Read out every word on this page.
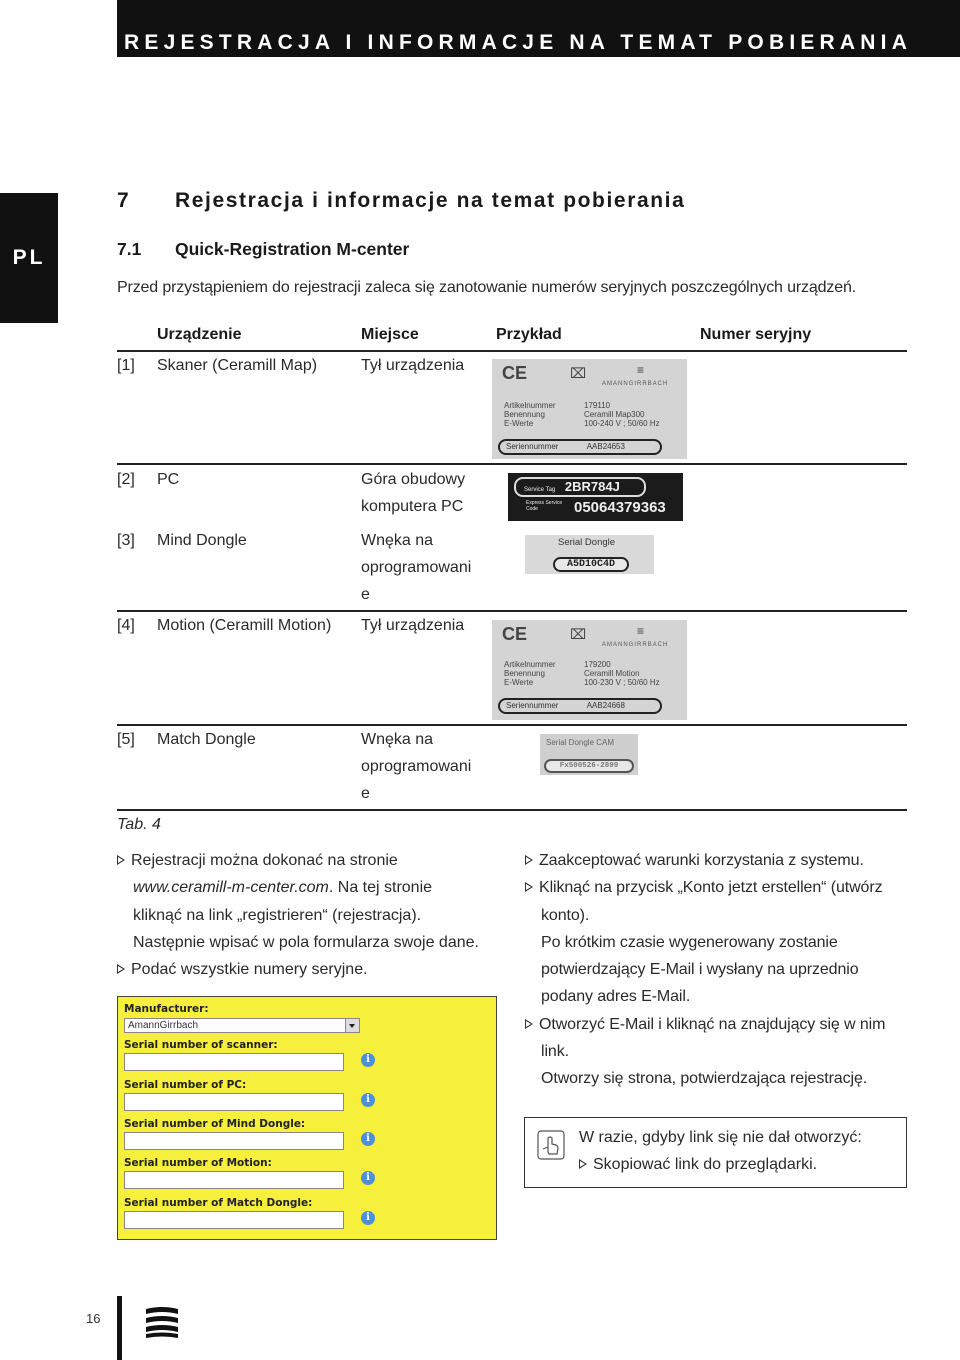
REJESTRACJA I INFORMACJE NA TEMAT POBIERANIA
PL
7 Rejestracja i informacje na temat pobierania
7.1 Quick-Registration M-center
Przed przystąpieniem do rejestracji zaleca się zanotowanie numerów seryjnych poszczególnych urządzeń.
Urządzenie	Miejsce	Przykład	Numer seryjny
[1] Skaner (Ceramill Map)	Tył urządzenia CE	⌧	≡
AMANNGIRRBACH
Artikelnummer
Benennung
E-Werte
179110
Ceramill Map300
100-240 V ; 50/60 Hz
Seriennummer	AAB24653
[2] PC	Góra obudowy
komputera PC
Service Tag 2BR784J
Express Service Code	05064379363
[3] Mind Dongle	Wnęka na
oprogramowani
e
Serial Dongle
A5D10C4D
[4] Motion (Ceramill Motion) Tył urządzenia CE	⌧	≡
AMANNGIRRBACH
Artikelnummer
Benennung
E-Werte
179200
Ceramill Motion
100-230 V ; 50/60 Hz
Seriennummer	AAB24668
[5] Match Dongle	Wnęka na
oprogramowani
e
Serial Dongle CAM
Fx500526-2899
Tab. 4
Rejestracji można dokonać na stronie
www.ceramill-m-center.com. Na tej stronie
kliknąć na link „registrieren“ (rejestracja).
Następnie wpisać w pola formularza swoje dane.
Podać wszystkie numery seryjne.
Manufacturer:
AmannGirrbach
Serial number of scanner:
i
Serial number of PC:
i
Serial number of Mind Dongle:
i
Serial number of Motion:
i
Serial number of Match Dongle:
i
Zaakceptować warunki korzystania z systemu.
Kliknąć na przycisk „Konto jetzt erstellen“ (utwórz
konto).
Po krótkim czasie wygenerowany zostanie
potwierdzający E-Mail i wysłany na uprzednio
podany adres E-Mail.
Otworzyć E-Mail i kliknąć na znajdujący się w nim
link.
Otworzy się strona, potwierdzająca rejestrację.
W razie, gdyby link się nie dał otworzyć:
Skopiować link do przeglądarki.
16
